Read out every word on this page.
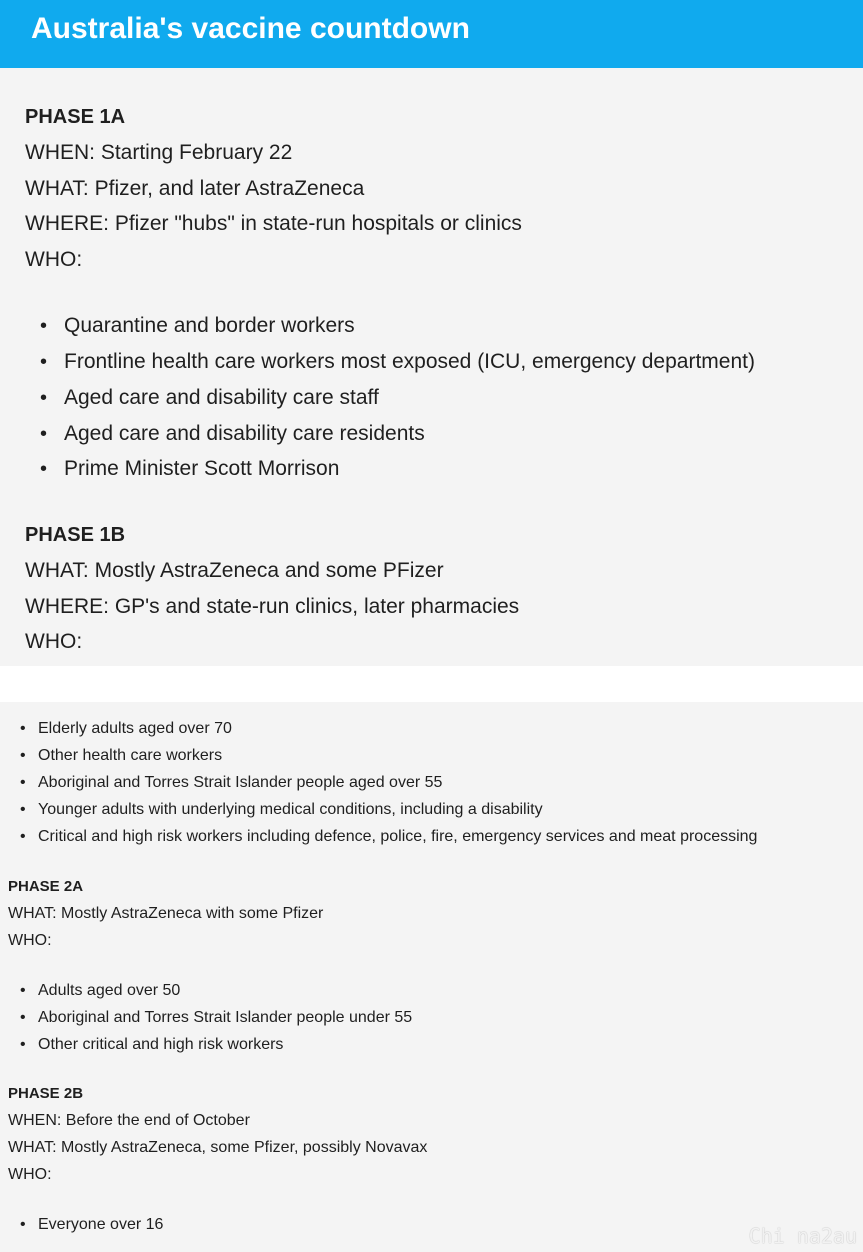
Australia's vaccine countdown

PHASE 1A

WHEN: Starting February 22

WHAT: Pfizer, and later AstraZeneca

WHERE: Pfizer "hubs" in state-run hospitals or clinics

WHO:

• Quarantine and border workers
• Frontline health care workers most exposed (ICU, emergency department)
• Aged care and disability care staff
• Aged care and disability care residents
• Prime Minister Scott Morrison

PHASE 1B

WHAT: Mostly AstraZeneca and some PFizer

WHERE: GP's and state-run clinics, later pharmacies

WHO:

• Elderly adults aged over 70
• Other health care workers
• Aboriginal and Torres Strait Islander people aged over 55
• Younger adults with underlying medical conditions, including a disability
• Critical and high risk workers including defence, police, fire, emergency services and meat processing

PHASE 2A

WHAT: Mostly AstraZeneca with some Pfizer

WHO:

• Adults aged over 50
• Aboriginal and Torres Strait Islander people under 55
• Other critical and high risk workers

PHASE 2B

WHEN: Before the end of October

WHAT: Mostly AstraZeneca, some Pfizer, possibly Novavax

WHO:

• Everyone over 16	Chi na2au
